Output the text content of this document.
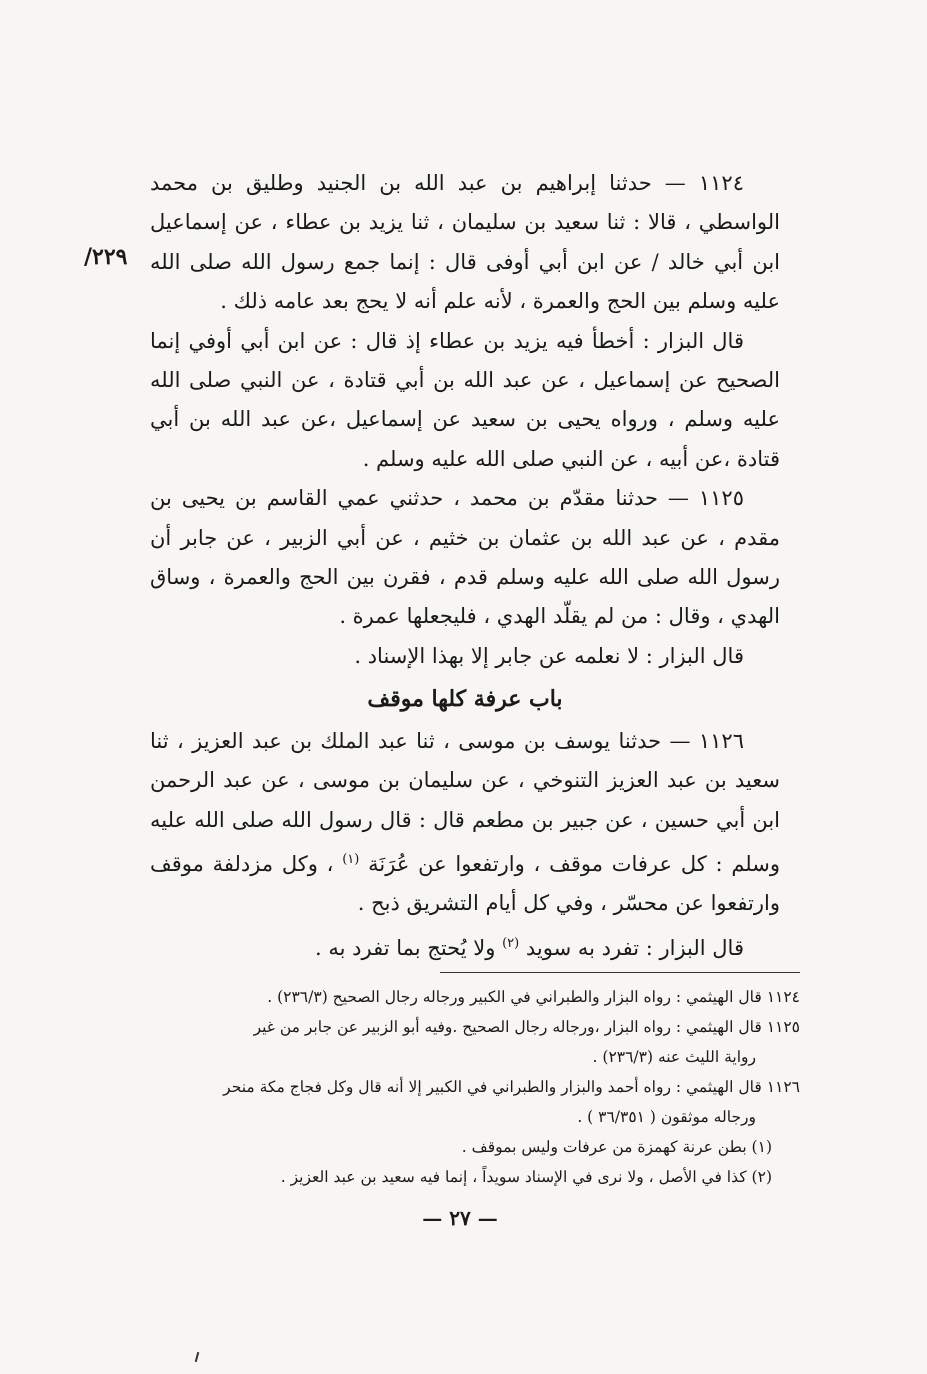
٢٢٩/

١١٢٤ — حدثنا إبراهيم بن عبد الله بن الجنيد وطليق بن محمد الواسطي ، قالا : ثنا سعيد بن سليمان ، ثنا يزيد بن عطاء ، عن إسماعيل ابن أبي خالد / عن ابن أبي أوفى قال : إنما جمع رسول الله صلى الله عليه وسلم بين الحج والعمرة ، لأنه علم أنه لا يحج بعد عامه ذلك .

قال البزار : أخطأ فيه يزيد بن عطاء إذ قال : عن ابن أبي أوفي إنما الصحيح عن إسماعيل ، عن عبد الله بن أبي قتادة ، عن النبي صلى الله عليه وسلم ، ورواه يحيى بن سعيد عن إسماعيل ،عن عبد الله بن أبي قتادة ،عن أبيه ، عن النبي صلى الله عليه وسلم .

١١٢٥ — حدثنا مقدّم بن محمد ، حدثني عمي القاسم بن يحيى بن مقدم ، عن عبد الله بن عثمان بن خثيم ، عن أبي الزبير ، عن جابر أن رسول الله صلى الله عليه وسلم قدم ، فقرن بين الحج والعمرة ، وساق الهدي ، وقال : من لم يقلّد الهدي ، فليجعلها عمرة .

قال البزار : لا نعلمه عن جابر إلا بهذا الإسناد .

باب عرفة كلها موقف

١١٢٦ — حدثنا يوسف بن موسى ، ثنا عبد الملك بن عبد العزيز ، ثنا سعيد بن عبد العزيز التنوخي ، عن سليمان بن موسى ، عن عبد الرحمن ابن أبي حسين ، عن جبير بن مطعم قال : قال رسول الله صلى الله عليه وسلم : كل عرفات موقف ، وارتفعوا عن عُرَنَة $^{(١)}$ ، وكل مزدلفة موقف وارتفعوا عن محسّر ، وفي كل أيام التشريق ذبح .

قال البزار : تفرد به سويد $^{(٢)}$ ولا يُحتج بما تفرد به .

١١٢٤ قال الهيثمي : رواه البزار والطبراني في الكبير ورجاله رجال الصحيح (٢٣٦/٣) .

١١٢٥ قال الهيثمي : رواه البزار ،ورجاله رجال الصحيح .وفيه أبو الزبير عن جابر من غير
رواية الليث عنه (٢٣٦/٣) .

١١٢٦ قال الهيثمي : رواه أحمد والبزار والطبراني في الكبير إلا أنه قال وكل فجاج مكة منحر
ورجاله موثقون ( ٣٦/٣٥١ ) .

(١) بطن عرنة كهمزة من عرفات وليس بموقف .

(٢) كذا في الأصل ، ولا نرى في الإسناد سويداً ، إنما فيه سعيد بن عبد العزيز .

— ٢٧ —
